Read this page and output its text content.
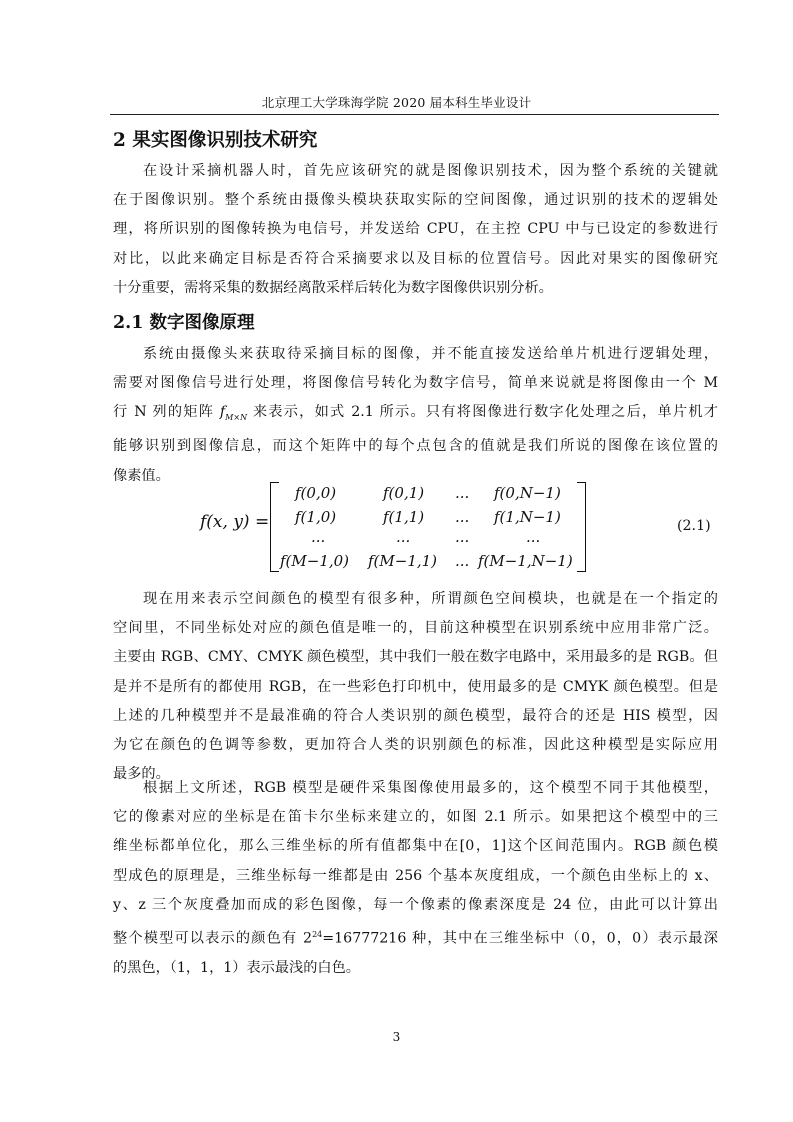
北京理工大学珠海学院 2020 届本科生毕业设计
2 果实图像识别技术研究

在设计采摘机器人时，首先应该研究的就是图像识别技术，因为整个系统的关键就
在于图像识别。整个系统由摄像头模块获取实际的空间图像，通过识别的技术的逻辑处
理，将所识别的图像转换为电信号，并发送给 CPU，在主控 CPU 中与已设定的参数进行
对比，以此来确定目标是否符合采摘要求以及目标的位置信号。因此对果实的图像研究
十分重要，需将采集的数据经离散采样后转化为数字图像供识别分析。

2.1 数字图像原理

系统由摄像头来获取待采摘目标的图像，并不能直接发送给单片机进行逻辑处理，
需要对图像信号进行处理，将图像信号转化为数字信号，简单来说就是将图像由一个 M
行 N 列的矩阵 $f_{M\times N}$ 来表示，如式 2.1 所示。只有将图像进行数字化处理之后，单片机才
能够识别到图像信息，而这个矩阵中的每个点包含的值就是我们所说的图像在该位置的
像素值。

f(x, y) =
f(0,0)	f(0,1) ... f(0,N−1)
f(1,0)	f(1,1) ... f(1,N−1)
...	...	...	...
f(M−1,0) f(M−1,1) ... f(M−1,N−1)
(2.1)

现在用来表示空间颜色的模型有很多种，所谓颜色空间模块，也就是在一个指定的
空间里，不同坐标处对应的颜色值是唯一的，目前这种模型在识别系统中应用非常广泛。
主要由 RGB、CMY、CMYK 颜色模型，其中我们一般在数字电路中，采用最多的是 RGB。但
是并不是所有的都使用 RGB，在一些彩色打印机中，使用最多的是 CMYK 颜色模型。但是
上述的几种模型并不是最准确的符合人类识别的颜色模型，最符合的还是 HIS 模型，因
为它在颜色的色调等参数，更加符合人类的识别颜色的标准，因此这种模型是实际应用
最多的。

根据上文所述，RGB 模型是硬件采集图像使用最多的，这个模型不同于其他模型，
它的像素对应的坐标是在笛卡尔坐标来建立的，如图 2.1 所示。如果把这个模型中的三
维坐标都单位化，那么三维坐标的所有值都集中在[0，1]这个区间范围内。RGB 颜色模
型成色的原理是，三维坐标每一维都是由 256 个基本灰度组成，一个颜色由坐标上的 x、
y、z 三个灰度叠加而成的彩色图像，每一个像素的像素深度是 24 位，由此可以计算出
整个模型可以表示的颜色有 $2^{24}=16777216$ 种，其中在三维坐标中（0，0，0）表示最深
的黑色，（1，1，1）表示最浅的白色。

3
